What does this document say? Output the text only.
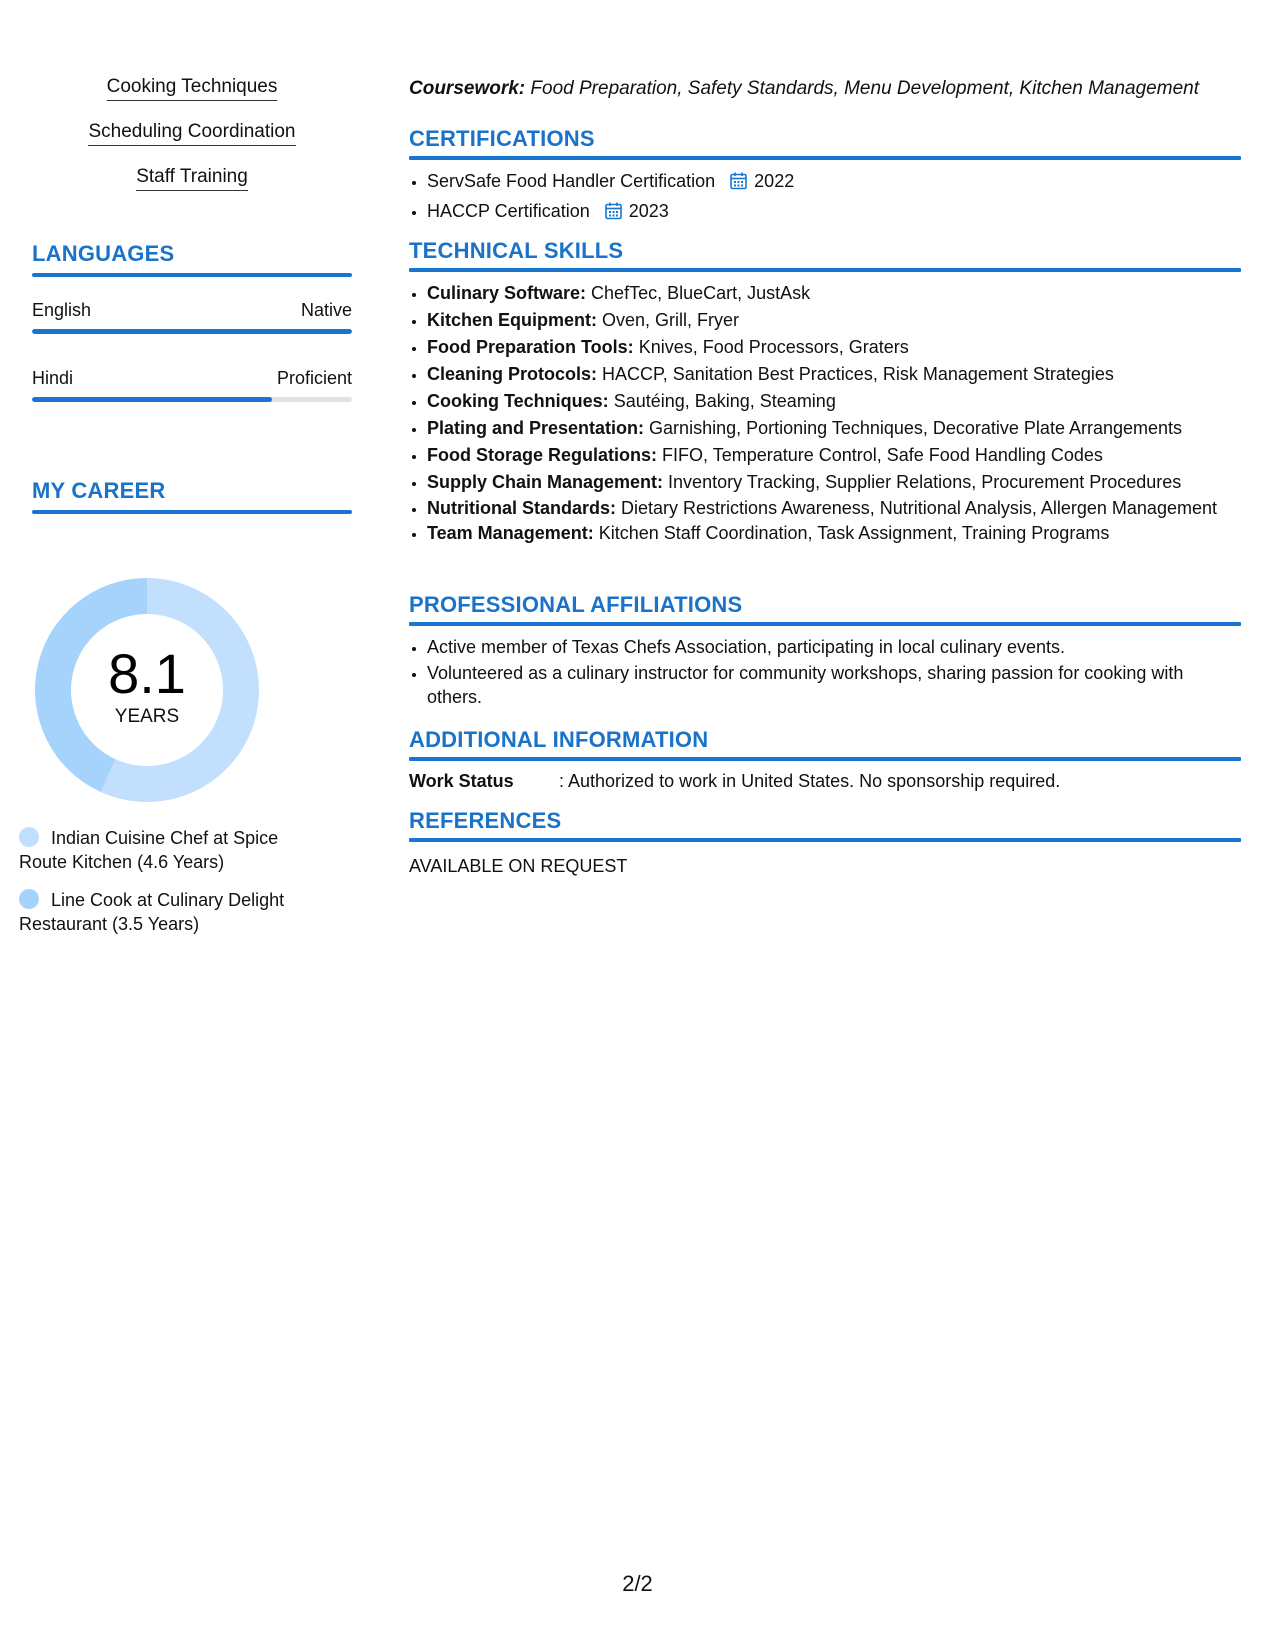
Cooking Techniques
Scheduling Coordination
Staff Training
LANGUAGES
English	Native
Hindi	Proficient
MY CAREER
8.1
YEARS
Indian Cuisine Chef at Spice Route Kitchen (4.6 Years)
Line Cook at Culinary Delight Restaurant (3.5 Years)
Coursework: Food Preparation, Safety Standards, Menu Development, Kitchen Management
CERTIFICATIONS
• ServSafe Food Handler Certification 2022
• HACCP Certification 2023
TECHNICAL SKILLS
• Culinary Software: ChefTec, BlueCart, JustAsk
• Kitchen Equipment: Oven, Grill, Fryer
• Food Preparation Tools: Knives, Food Processors, Graters
• Cleaning Protocols: HACCP, Sanitation Best Practices, Risk Management Strategies
• Cooking Techniques: Sautéing, Baking, Steaming
• Plating and Presentation: Garnishing, Portioning Techniques, Decorative Plate Arrangements
• Food Storage Regulations: FIFO, Temperature Control, Safe Food Handling Codes
• Supply Chain Management: Inventory Tracking, Supplier Relations, Procurement Procedures
• Nutritional Standards: Dietary Restrictions Awareness, Nutritional Analysis, Allergen Management
• Team Management: Kitchen Staff Coordination, Task Assignment, Training Programs
PROFESSIONAL AFFILIATIONS
• Active member of Texas Chefs Association, participating in local culinary events.
• Volunteered as a culinary instructor for community workshops, sharing passion for cooking with others.
ADDITIONAL INFORMATION
Work Status	: Authorized to work in United States. No sponsorship required.
REFERENCES
AVAILABLE ON REQUEST
2/2
